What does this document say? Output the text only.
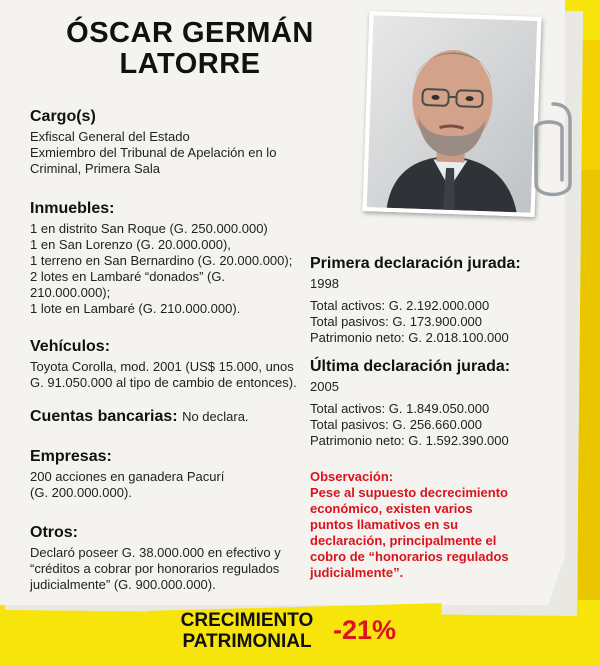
ÓSCAR GERMÁN
LATORRE
Cargo(s)
Exfiscal General del Estado
Exmiembro del Tribunal de Apelación en lo
Criminal, Primera Sala
Inmuebles:
1 en distrito San Roque (G. 250.000.000)
1 en San Lorenzo (G. 20.000.000),
1 terreno en San Bernardino (G. 20.000.000);
2 lotes en Lambaré “donados” (G.
210.000.000);
1 lote en Lambaré (G. 210.000.000).
Vehículos:
Toyota Corolla, mod. 2001 (US$ 15.000, unos
G. 91.050.000 al tipo de cambio de entonces).
Cuentas bancarias: No declara.
Empresas:
200 acciones en ganadera Pacurí
(G. 200.000.000).
Otros:
Declaró poseer G. 38.000.000 en efectivo y
“créditos a cobrar por honorarios regulados
judicialmente” (G. 900.000.000).
Primera declaración jurada:
1998
Total activos: G. 2.192.000.000
Total pasivos: G. 173.900.000
Patrimonio neto: G. 2.018.100.000
Última declaración jurada:
2005
Total activos: G. 1.849.050.000
Total pasivos: G. 256.660.000
Patrimonio neto: G. 1.592.390.000
Observación:
Pese al supuesto decrecimiento
económico, existen varios
puntos llamativos en su
declaración, principalmente el
cobro de “honorarios regulados
judicialmente”.
CRECIMIENTO
PATRIMONIAL -21%
